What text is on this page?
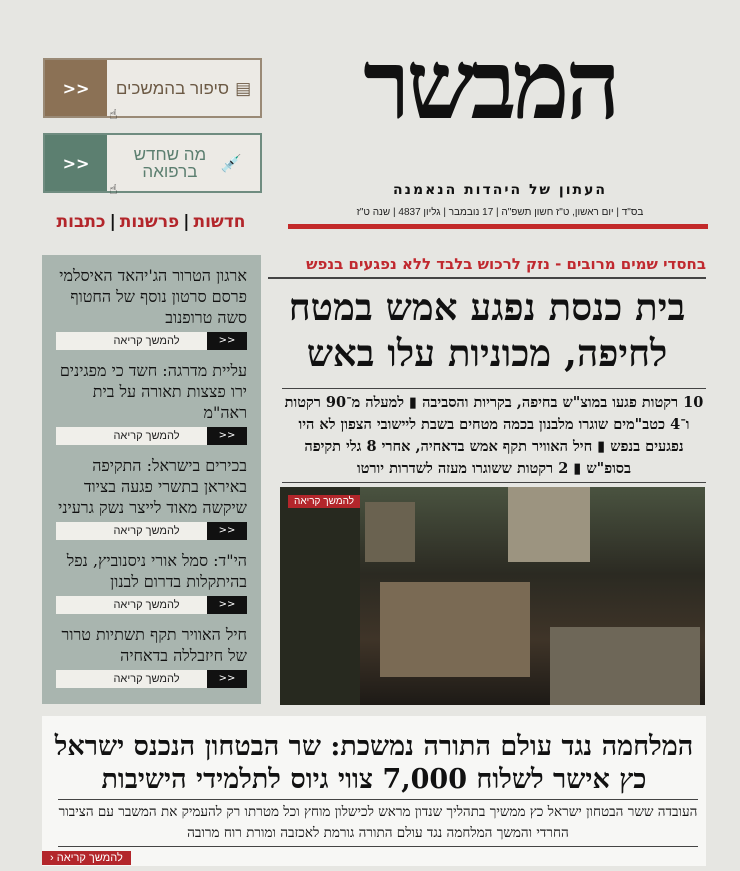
המבשר
העתון של היהדות הנאמנה
בס"ד | יום ראשון, ט"ז חשון תשפ"ה | 17 נובמבר | גליון 4837 | שנה ט"ז
<<	▤
סיפור בהמשכים
☝
<<	💉
מה שחדש ברפואה
☝
חדשות|פרשנות|כתבות
ארגון הטרור הג'יהאד האיסלמי פרסם סרטון נוסף של החטוף סשה טרופנוב
להמשך קריאה	<<
עליית מדרגה: חשד כי מפגינים ירו פצצות תאורה על בית ראה"מ
להמשך קריאה	<<
בכירים בישראל: התקיפה באיראן בתשרי פגעה בציוד שיקשה מאוד לייצר נשק גרעיני
להמשך קריאה	<<
הי"ד: סמל אורי ניסנוביץ, נפל בהיתקלות בדרום לבנון
להמשך קריאה	<<
חיל האוויר תקף תשתיות טרור של חיזבללה בדאחיה
להמשך קריאה	<<
בחסדי שמים מרובים - נזק לרכוש בלבד ללא נפגעים בנפש
בית כנסת נפגע אמש במטח לחיפה, מכוניות עלו באש
10 רקטות פגעו במוצ"ש בחיפה, בקריות והסביבה ▮ למעלה מ־90 רקטות ו־4 כטב"מים שוגרו מלבנון בכמה מטחים בשבת ליישובי הצפון לא היו נפגעים בנפש ▮ חיל האוויר תקף אמש בדאחיה, אחרי 8 גלי תקיפה בסופ"ש ▮ 2 רקטות ששוגרו מעזה לשדרות יורטו
להמשך קריאה
המלחמה נגד עולם התורה נמשכת: שר הבטחון הנכנס ישראל כץ אישר לשלוח 7,000 צווי גיוס לתלמידי הישיבות
העובדה ששר הבטחון ישראל כץ ממשיך בתהליך שנדון מראש לכישלון מוחץ וכל מטרתו רק להעמיק את המשבר עם הציבור החרדי והמשך המלחמה נגד עולם התורה גורמת לאכזבה ומורת רוח מרובה
להמשך קריאה ‹
